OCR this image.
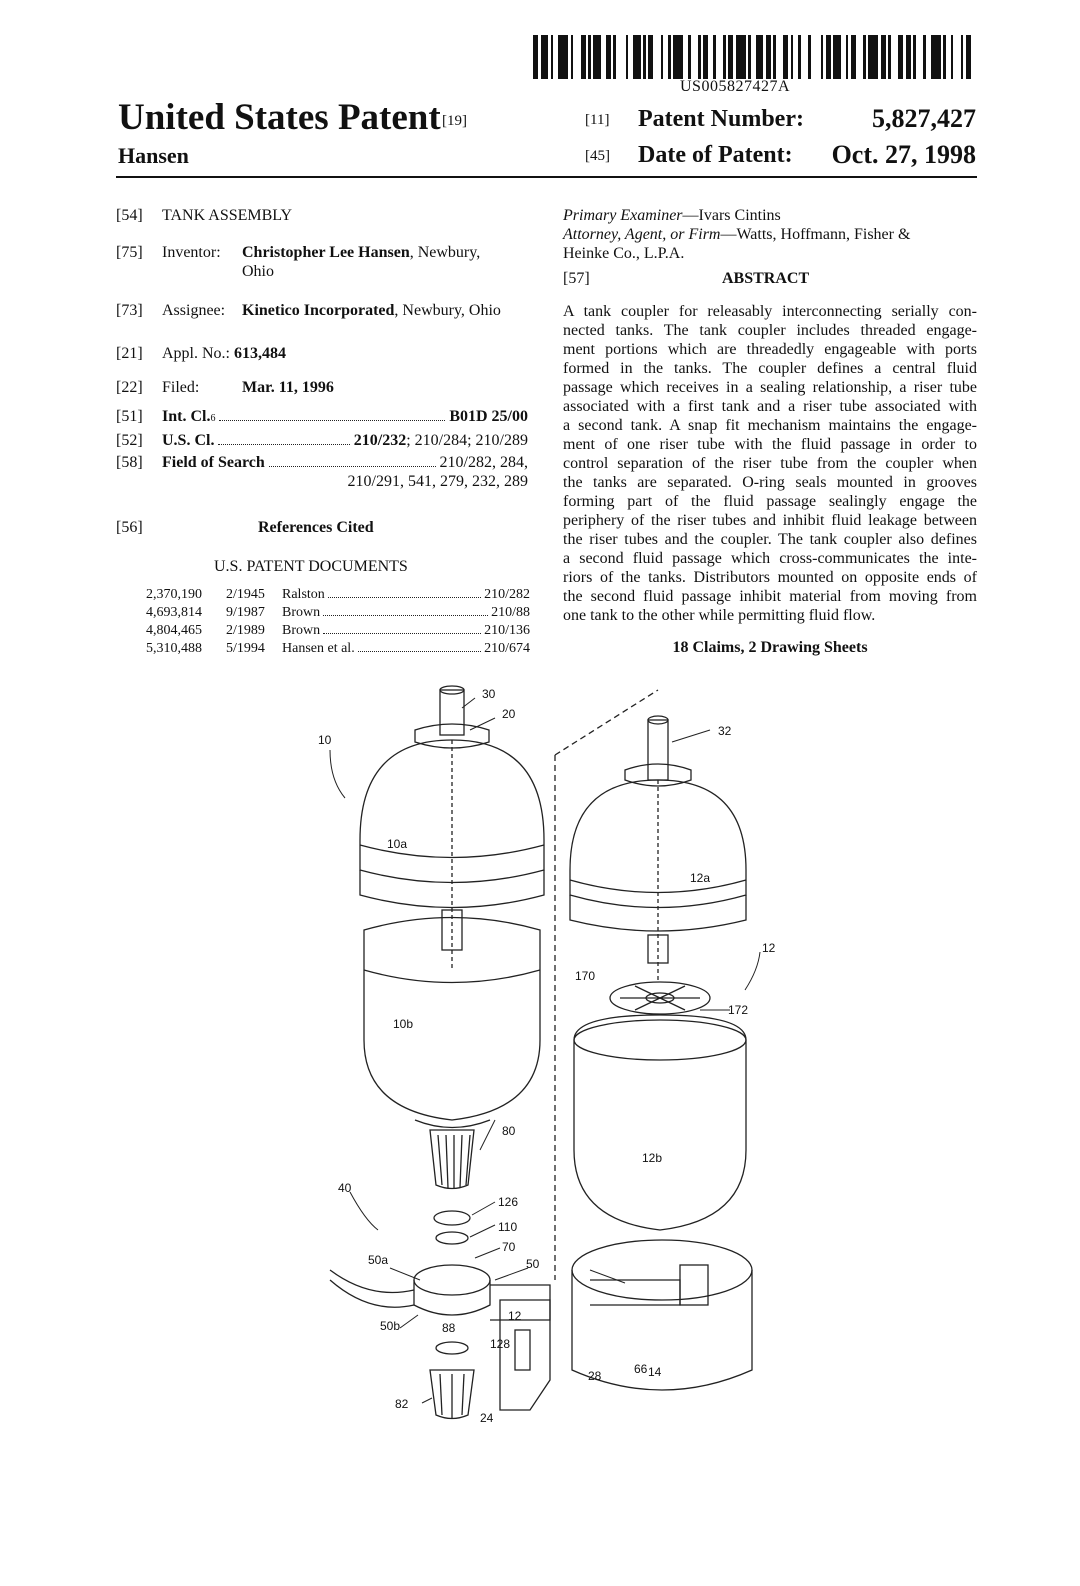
US005827427A
United States Patent [19]
Hansen
[11] Patent Number:	5,827,427
[45] Date of Patent: Oct. 27, 1998
[54] TANK ASSEMBLY
[75] Inventor: Christopher Lee Hansen, Newbury,
Ohio
[73] Assignee: Kinetico Incorporated, Newbury, Ohio
[21] Appl. No.: 613,484
[22] Filed:	Mar. 11, 1996
[51] Int. Cl. 6	B01D 25/00
[52] U.S. Cl.	210/232 ; 210/284; 210/289
[58] Field of Search	210/282, 284,
210/291, 541, 279, 232, 289
[56]	References Cited
U.S. PATENT DOCUMENTS
2,370,190	2/1945	Ralston	210/282
4,693,814	9/1987	Brown	210/88
4,804,465	2/1989	Brown	210/136
5,310,488	5/1994	Hansen et al.	210/674
Primary Examiner—Ivars Cintins
Attorney, Agent, or Firm—Watts, Hoffmann, Fisher &
Heinke Co., L.P.A.
[57]	ABSTRACT
A tank coupler for releasably interconnecting serially con-
nected tanks. The tank coupler includes threaded engage-
ment portions which are threadedly engageable with ports
formed in the tanks. The coupler defines a central fluid
passage which receives in a sealing relationship, a riser tube
associated with a first tank and a riser tube associated with
a second tank. A snap fit mechanism maintains the engage-
ment of one riser tube with the fluid passage in order to
control separation of the riser tube from the coupler when
the tanks are separated. O-ring seals mounted in grooves
forming part of the fluid passage sealingly engage the
periphery of the riser tubes and inhibit fluid leakage between
the riser tubes and the coupler. The tank coupler also defines
a second fluid passage which cross-communicates the inte-
riors of the tanks. Distributors mounted on opposite ends of
the second fluid passage inhibit material from moving from
one tank to the other while permitting fluid flow.
18 Claims, 2 Drawing Sheets
10
30
20
10a
10b
32
12a
12
170
172
12b
80
40
126
110
70
50a	50
50b	88
128
12
66 14
28
82
24
